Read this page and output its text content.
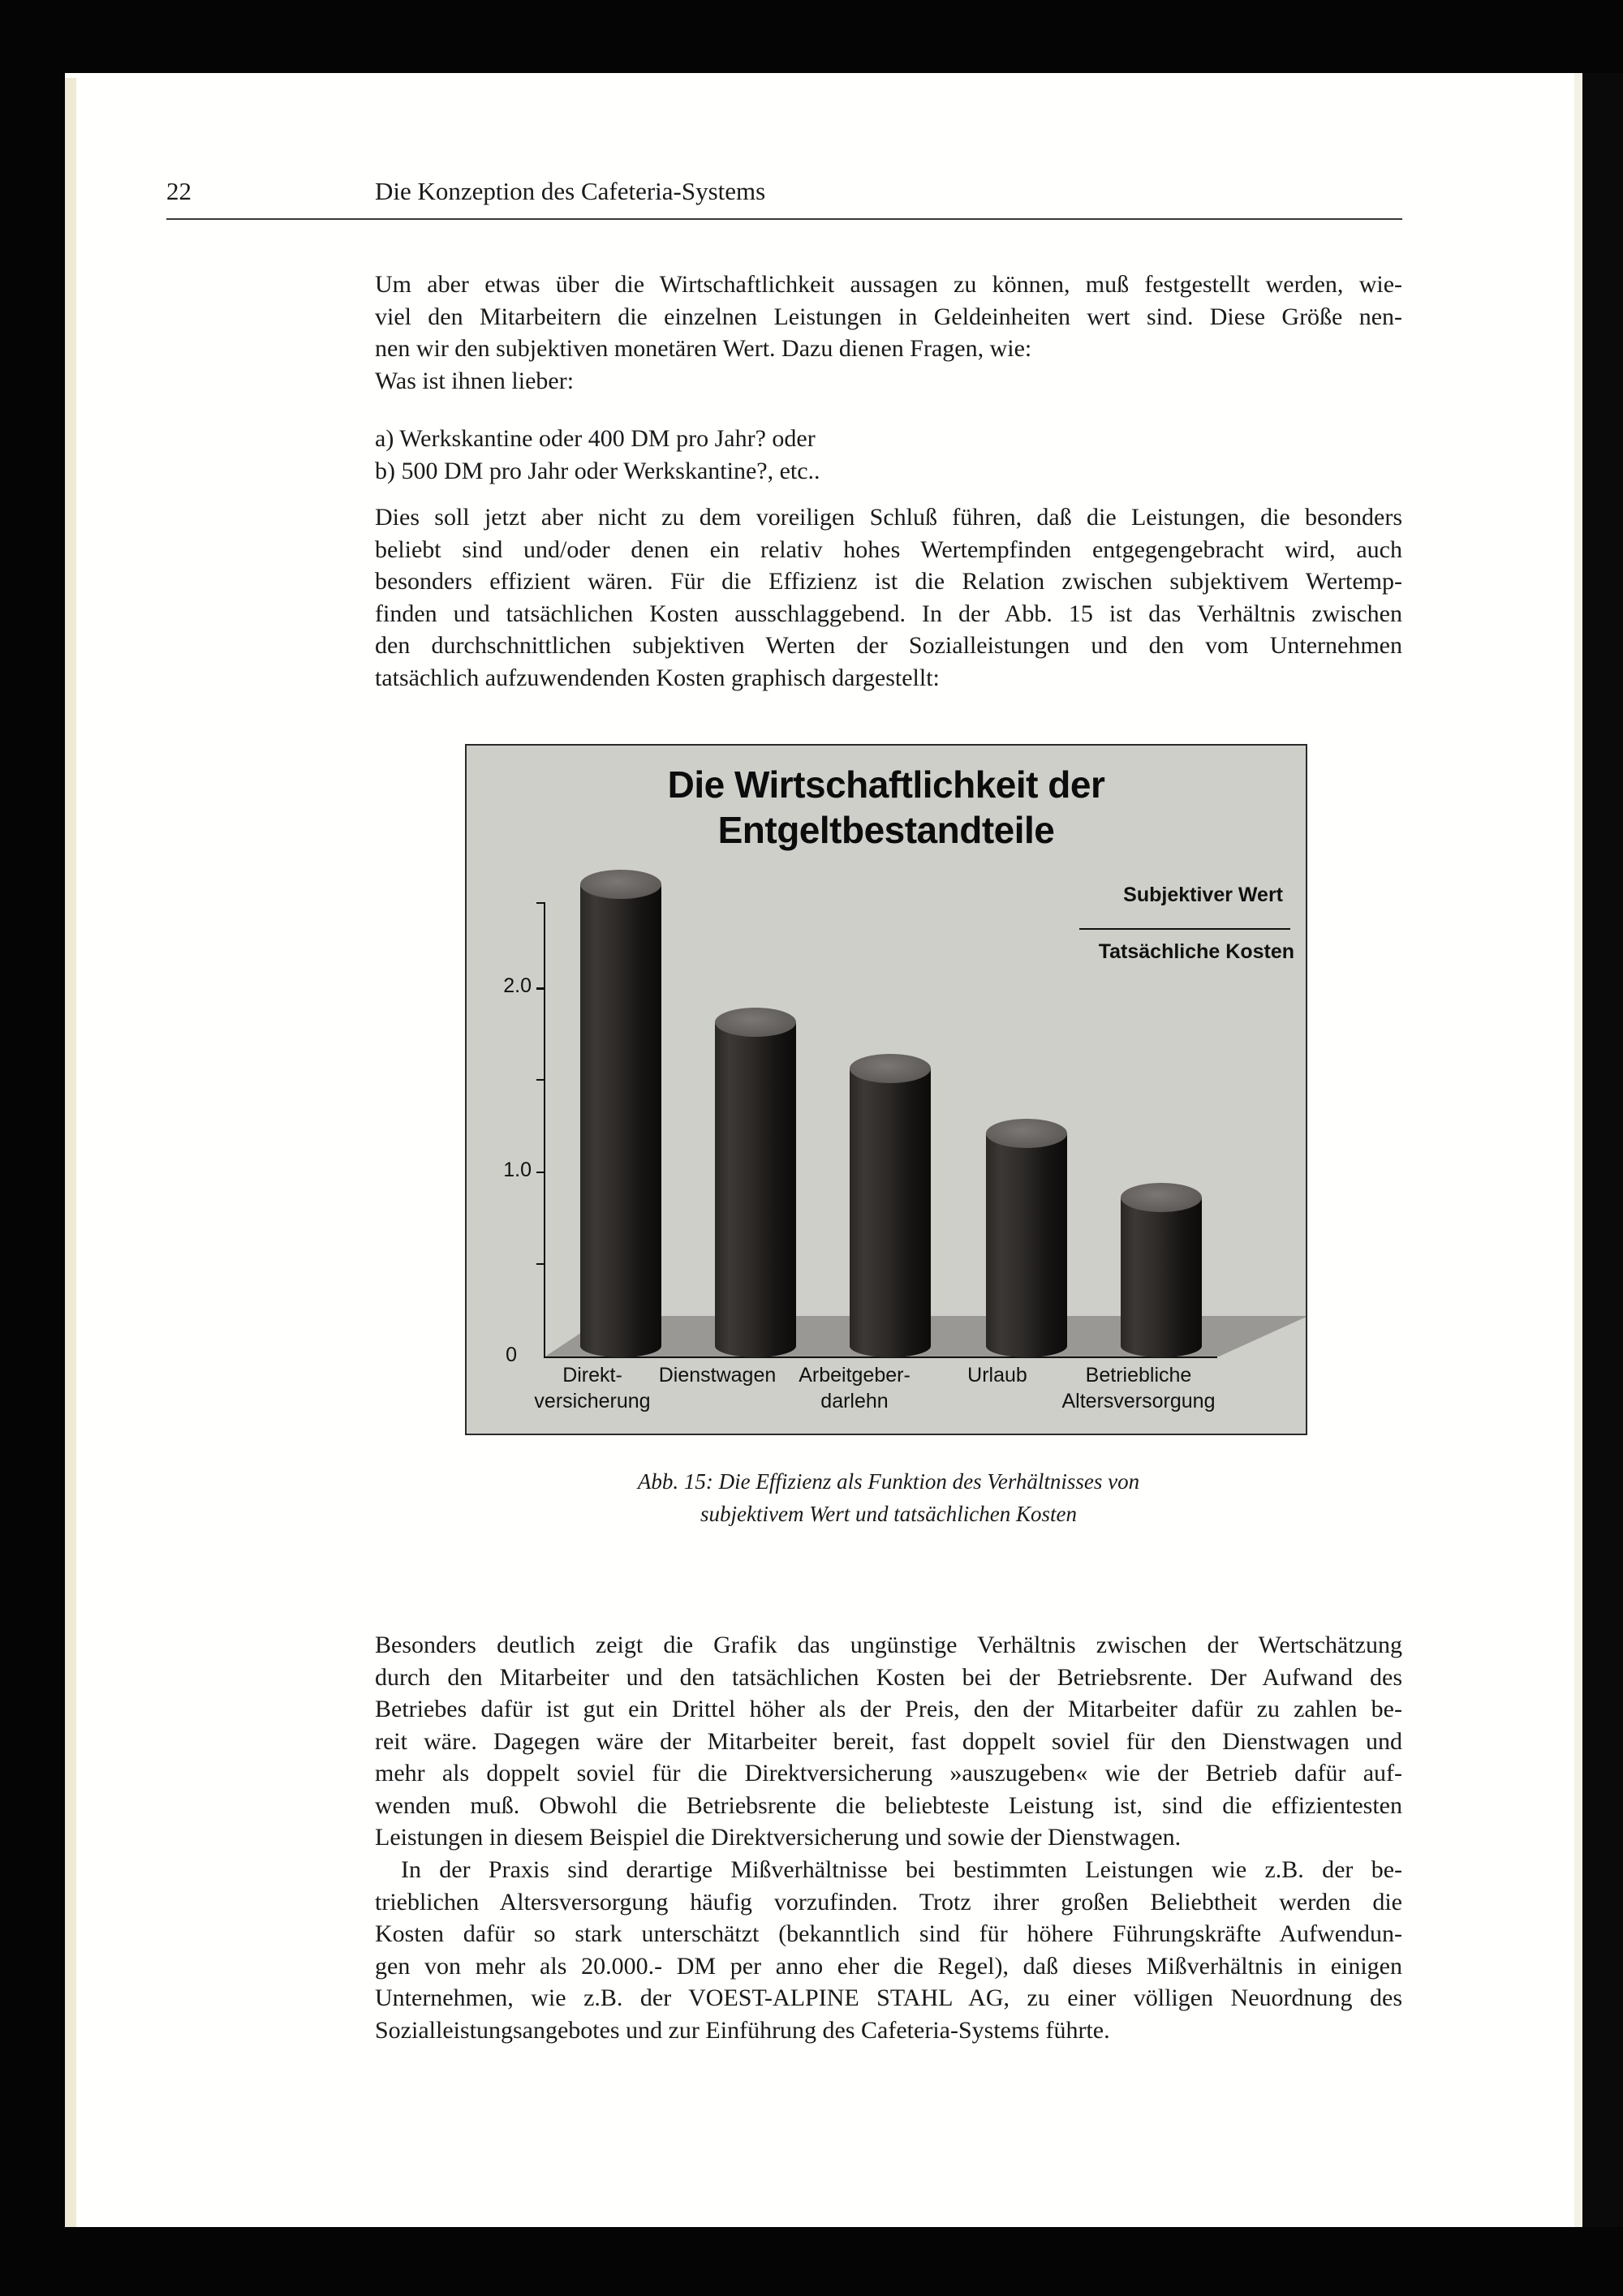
22	Die Konzeption des Cafeteria-Systems
Um aber etwas über die Wirtschaftlichkeit aussagen zu können, muß festgestellt werden, wie-
viel den Mitarbeitern die einzelnen Leistungen in Geldeinheiten wert sind. Diese Größe nen-
nen wir den subjektiven monetären Wert. Dazu dienen Fragen, wie:
Was ist ihnen lieber:
a) Werkskantine oder 400 DM pro Jahr? oder
b) 500 DM pro Jahr oder Werkskantine?, etc..
Dies soll jetzt aber nicht zu dem voreiligen Schluß führen, daß die Leistungen, die besonders
beliebt sind und/oder denen ein relativ hohes Wertempfinden entgegengebracht wird, auch
besonders effizient wären. Für die Effizienz ist die Relation zwischen subjektivem Wertemp-
finden und tatsächlichen Kosten ausschlaggebend. In der Abb. 15 ist das Verhältnis zwischen
den durchschnittlichen subjektiven Werten der Sozialleistungen und den vom Unternehmen
tatsächlich aufzuwendenden Kosten graphisch dargestellt:
Die Wirtschaftlichkeit der
Entgeltbestandteile
Subjektiver Wert
Tatsächliche Kosten
2.0
1.0
0
Direkt-
versicherung
Dienstwagen	Arbeitgeber-
darlehn
Urlaub	Betriebliche
Altersversorgung
Abb. 15: Die Effizienz als Funktion des Verhältnisses von
subjektivem Wert und tatsächlichen Kosten
Besonders deutlich zeigt die Grafik das ungünstige Verhältnis zwischen der Wertschätzung
durch den Mitarbeiter und den tatsächlichen Kosten bei der Betriebsrente. Der Aufwand des
Betriebes dafür ist gut ein Drittel höher als der Preis, den der Mitarbeiter dafür zu zahlen be-
reit wäre. Dagegen wäre der Mitarbeiter bereit, fast doppelt soviel für den Dienstwagen und
mehr als doppelt soviel für die Direktversicherung »auszugeben« wie der Betrieb dafür auf-
wenden muß. Obwohl die Betriebsrente die beliebteste Leistung ist, sind die effizientesten
Leistungen in diesem Beispiel die Direktversicherung und sowie der Dienstwagen.
In der Praxis sind derartige Mißverhältnisse bei bestimmten Leistungen wie z.B. der be-
trieblichen Altersversorgung häufig vorzufinden. Trotz ihrer großen Beliebtheit werden die
Kosten dafür so stark unterschätzt (bekanntlich sind für höhere Führungskräfte Aufwendun-
gen von mehr als 20.000.- DM per anno eher die Regel), daß dieses Mißverhältnis in einigen
Unternehmen, wie z.B. der VOEST-ALPINE STAHL AG, zu einer völligen Neuordnung des
Sozialleistungsangebotes und zur Einführung des Cafeteria-Systems führte.
